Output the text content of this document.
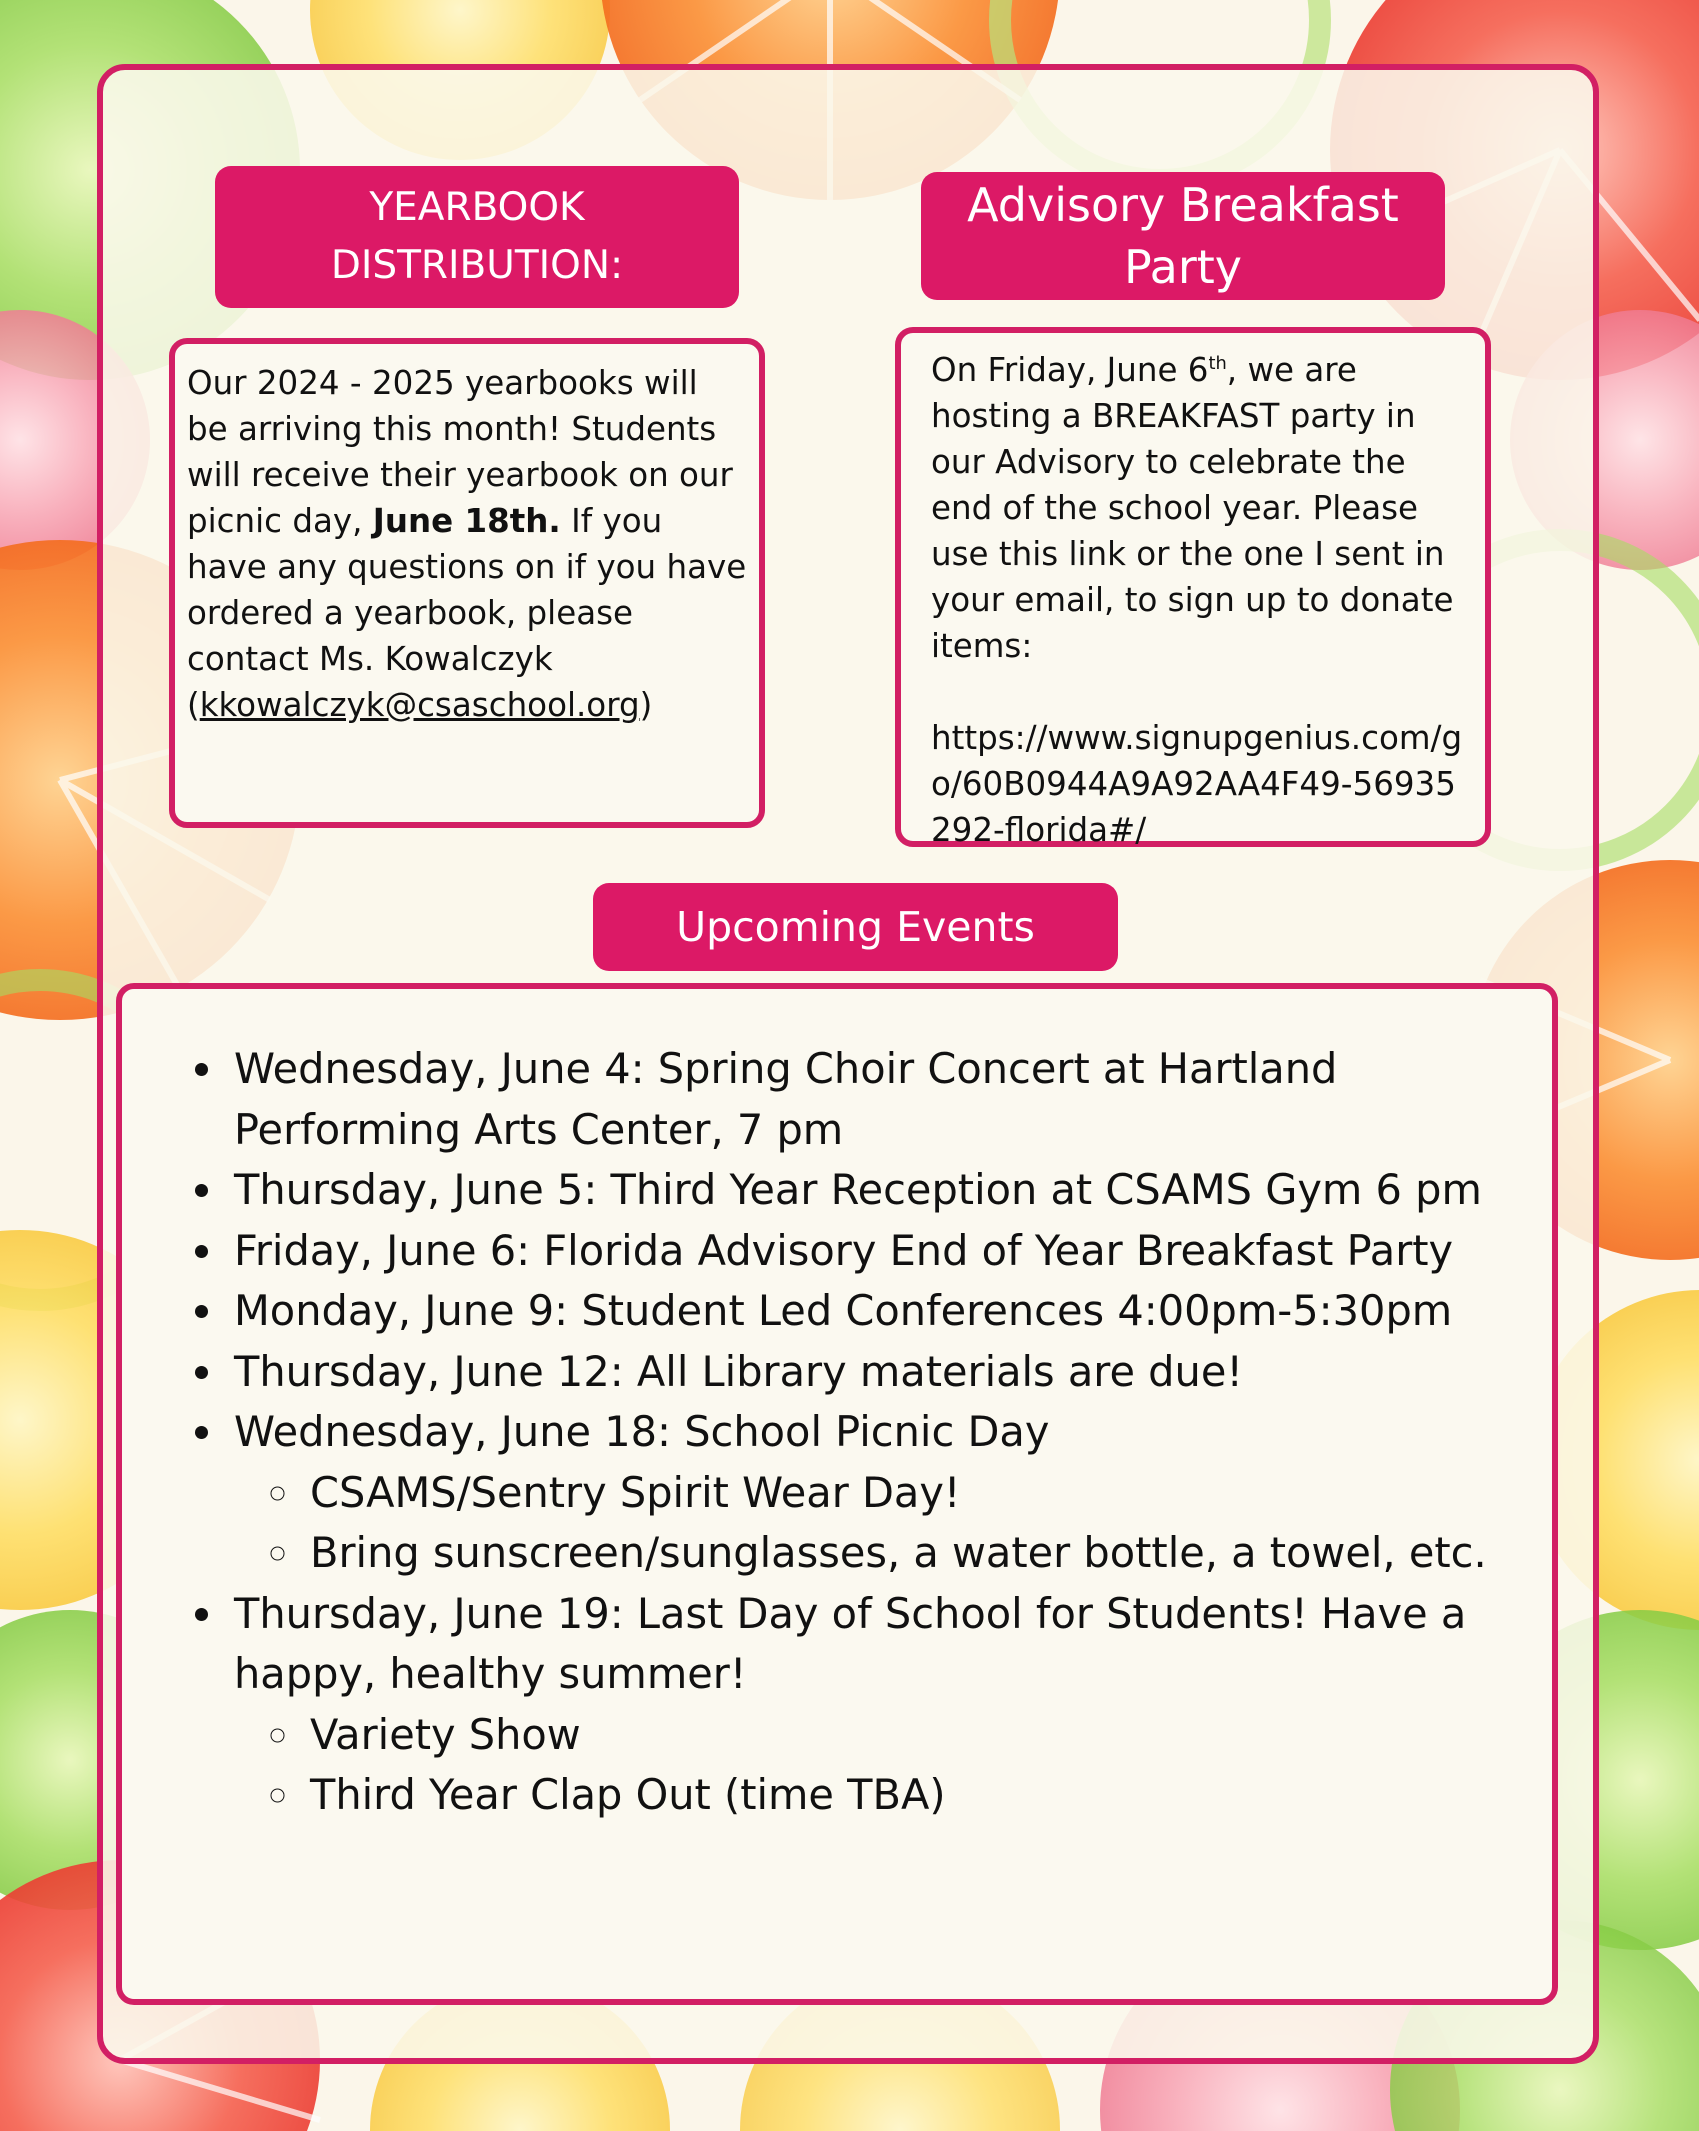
YEARBOOK
DISTRIBUTION:

Our 2024 - 2025 yearbooks will be arriving this month! Students will receive their yearbook on our picnic day, June 18th. If you have any questions on if you have ordered a yearbook, please contact Ms. Kowalczyk (kkowalczyk@csaschool.org)

Advisory Breakfast
Party

On Friday, June 6th, we are hosting a BREAKFAST party in our Advisory to celebrate the end of the school year. Please use this link or the one I sent in your email, to sign up to donate items:

https://www.signupgenius.com/go/60B0944A9A92AA4F49-56935292-florida#/
Upcoming Events
• Wednesday, June 4: Spring Choir Concert at Hartland Performing Arts Center, 7 pm
• Thursday, June 5: Third Year Reception at CSAMS Gym 6 pm
• Friday, June 6: Florida Advisory End of Year Breakfast Party
• Monday, June 9: Student Led Conferences 4:00pm-5:30pm
• Thursday, June 12: All Library materials are due!
• Wednesday, June 18: School Picnic Day
◦ CSAMS/Sentry Spirit Wear Day!
◦ Bring sunscreen/sunglasses, a water bottle, a towel, etc.
• Thursday, June 19: Last Day of School for Students! Have a happy, healthy summer!
◦ Variety Show
◦ Third Year Clap Out (time TBA)
